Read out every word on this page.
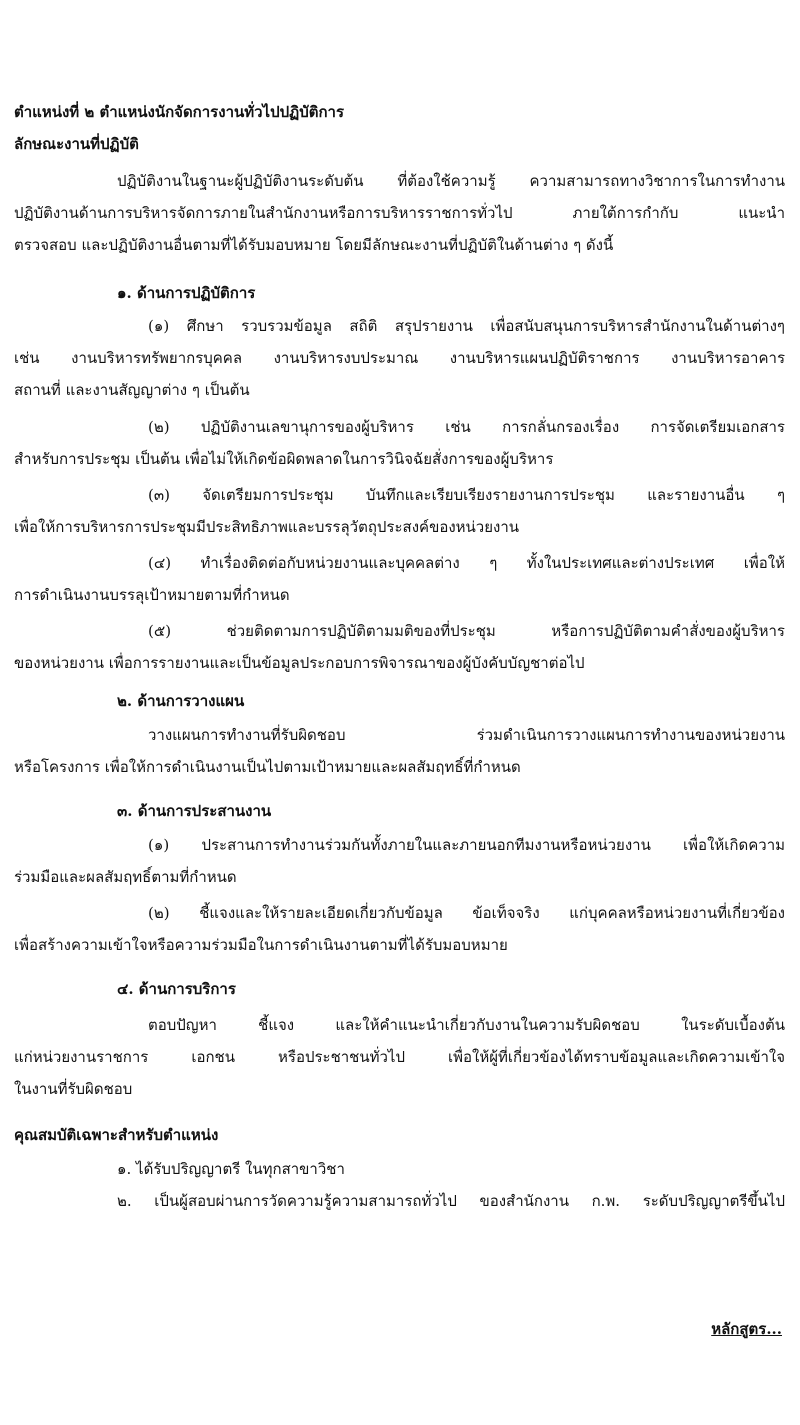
ตำแหน่งที่ ๒ ตำแหน่งนักจัดการงานทั่วไปปฏิบัติการ
ลักษณะงานที่ปฏิบัติ
ปฏิบัติงานในฐานะผู้ปฏิบัติงานระดับต้น ที่ต้องใช้ความรู้ ความสามารถทางวิชาการในการทำงาน
ปฏิบัติงานด้านการบริหารจัดการภายในสำนักงานหรือการบริหารราชการทั่วไป ภายใต้การกำกับ แนะนำ
ตรวจสอบ และปฏิบัติงานอื่นตามที่ได้รับมอบหมาย โดยมีลักษณะงานที่ปฏิบัติในด้านต่าง ๆ ดังนี้
๑. ด้านการปฏิบัติการ
(๑) ศึกษา รวบรวมข้อมูล สถิติ สรุปรายงาน เพื่อสนับสนุนการบริหารสำนักงานในด้านต่างๆ
เช่น งานบริหารทรัพยากรบุคคล งานบริหารงบประมาณ งานบริหารแผนปฏิบัติราชการ งานบริหารอาคาร
สถานที่ และงานสัญญาต่าง ๆ เป็นต้น
(๒) ปฏิบัติงานเลขานุการของผู้บริหาร เช่น การกลั่นกรองเรื่อง การจัดเตรียมเอกสาร
สำหรับการประชุม เป็นต้น เพื่อไม่ให้เกิดข้อผิดพลาดในการวินิจฉัยสั่งการของผู้บริหาร
(๓) จัดเตรียมการประชุม บันทึกและเรียบเรียงรายงานการประชุม และรายงานอื่น ๆ
เพื่อให้การบริหารการประชุมมีประสิทธิภาพและบรรลุวัตถุประสงค์ของหน่วยงาน
(๔) ทำเรื่องติดต่อกับหน่วยงานและบุคคลต่าง ๆ ทั้งในประเทศและต่างประเทศ เพื่อให้
การดำเนินงานบรรลุเป้าหมายตามที่กำหนด
(๕) ช่วยติดตามการปฏิบัติตามมติของที่ประชุม หรือการปฏิบัติตามคำสั่งของผู้บริหาร
ของหน่วยงาน เพื่อการรายงานและเป็นข้อมูลประกอบการพิจารณาของผู้บังคับบัญชาต่อไป
๒. ด้านการวางแผน
วางแผนการทำงานที่รับผิดชอบ ร่วมดำเนินการวางแผนการทำงานของหน่วยงาน
หรือโครงการ เพื่อให้การดำเนินงานเป็นไปตามเป้าหมายและผลสัมฤทธิ์ที่กำหนด
๓. ด้านการประสานงาน
(๑) ประสานการทำงานร่วมกันทั้งภายในและภายนอกทีมงานหรือหน่วยงาน เพื่อให้เกิดความ
ร่วมมือและผลสัมฤทธิ์ตามที่กำหนด
(๒) ชี้แจงและให้รายละเอียดเกี่ยวกับข้อมูล ข้อเท็จจริง แก่บุคคลหรือหน่วยงานที่เกี่ยวข้อง
เพื่อสร้างความเข้าใจหรือความร่วมมือในการดำเนินงานตามที่ได้รับมอบหมาย
๔. ด้านการบริการ
ตอบปัญหา ชี้แจง และให้คำแนะนำเกี่ยวกับงานในความรับผิดชอบ ในระดับเบื้องต้น
แก่หน่วยงานราชการ เอกชน หรือประชาชนทั่วไป เพื่อให้ผู้ที่เกี่ยวข้องได้ทราบข้อมูลและเกิดความเข้าใจ
ในงานที่รับผิดชอบ
คุณสมบัติเฉพาะสำหรับตำแหน่ง
๑. ได้รับปริญญาตรี ในทุกสาขาวิชา
๒. เป็นผู้สอบผ่านการวัดความรู้ความสามารถทั่วไป ของสำนักงาน ก.พ. ระดับปริญญาตรีขึ้นไป
หลักสูตร...
